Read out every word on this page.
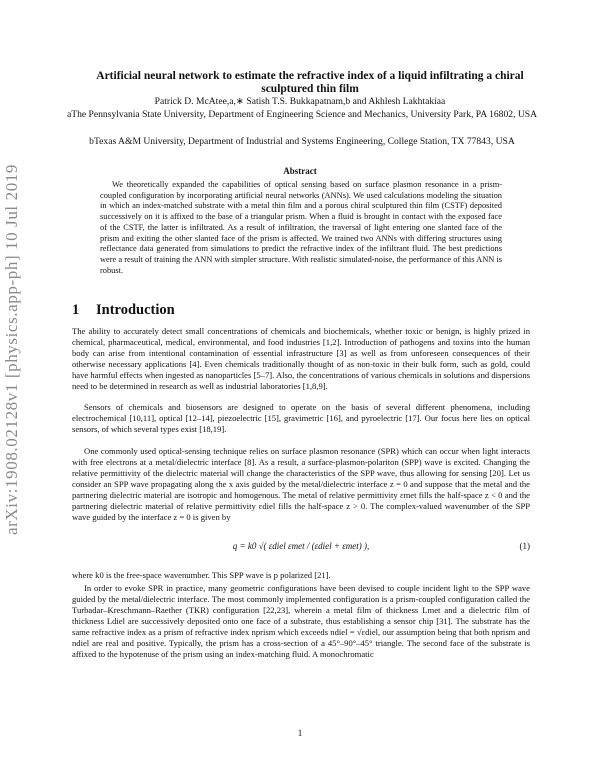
arXiv:1908.02128v1 [physics.app-ph] 10 Jul 2019
Artificial neural network to estimate the refractive index of a liquid infiltrating a chiral sculptured thin film
Patrick D. McAtee,a,∗ Satish T.S. Bukkapatnam,b and Akhlesh Lakhtakiaa
aThe Pennsylvania State University, Department of Engineering Science and Mechanics, University Park, PA 16802, USA
bTexas A&M University, Department of Industrial and Systems Engineering, College Station, TX 77843, USA
Abstract
We theoretically expanded the capabilities of optical sensing based on surface plasmon resonance in a prism-coupled configuration by incorporating artificial neural networks (ANNs). We used calculations modeling the situation in which an index-matched substrate with a metal thin film and a porous chiral sculptured thin film (CSTF) deposited successively on it is affixed to the base of a triangular prism. When a fluid is brought in contact with the exposed face of the CSTF, the latter is infiltrated. As a result of infiltration, the traversal of light entering one slanted face of the prism and exiting the other slanted face of the prism is affected. We trained two ANNs with differing structures using reflectance data generated from simulations to predict the refractive index of the infiltrant fluid. The best predictions were a result of training the ANN with simpler structure. With realistic simulated-noise, the performance of this ANN is robust.
1 Introduction
The ability to accurately detect small concentrations of chemicals and biochemicals, whether toxic or benign, is highly prized in chemical, pharmaceutical, medical, environmental, and food industries [1,2]. Introduction of pathogens and toxins into the human body can arise from intentional contamination of essential infrastructure [3] as well as from unforeseen consequences of their otherwise necessary applications [4]. Even chemicals traditionally thought of as non-toxic in their bulk form, such as gold, could have harmful effects when ingested as nanoparticles [5–7]. Also, the concentrations of various chemicals in solutions and dispersions need to be determined in research as well as industrial laboratories [1,8,9].
Sensors of chemicals and biosensors are designed to operate on the basis of several different phenomena, including electrochemical [10,11], optical [12–14], piezoelectric [15], gravimetric [16], and pyroelectric [17]. Our focus here lies on optical sensors, of which several types exist [18,19].
One commonly used optical-sensing technique relies on surface plasmon resonance (SPR) which can occur when light interacts with free electrons at a metal/dielectric interface [8]. As a result, a surface-plasmon-polariton (SPP) wave is excited. Changing the relative permittivity of the dielectric material will change the characteristics of the SPP wave, thus allowing for sensing [20]. Let us consider an SPP wave propagating along the x axis guided by the metal/dielectric interface z = 0 and suppose that the metal and the partnering dielectric material are isotropic and homogenous. The metal of relative permittivity εmet fills the half-space z < 0 and the partnering dielectric material of relative permittivity εdiel fills the half-space z > 0. The complex-valued wavenumber of the SPP wave guided by the interface z = 0 is given by
q = k0 √( εdiel εmet / (εdiel + εmet) ),	(1)
where k0 is the free-space wavenumber. This SPP wave is p polarized [21].
In order to evoke SPR in practice, many geometric configurations have been devised to couple incident light to the SPP wave guided by the metal/dielectric interface. The most commonly implemented configuration is a prism-coupled configuration called the Turbadar–Kreschmann–Raether (TKR) configuration [22,23], wherein a metal film of thickness Lmet and a dielectric film of thickness Ldiel are successively deposited onto one face of a substrate, thus establishing a sensor chip [31]. The substrate has the same refractive index as a prism of refractive index nprism which exceeds ndiel = √εdiel, our assumption being that both nprism and ndiel are real and positive. Typically, the prism has a cross-section of a 45°–90°–45° triangle. The second face of the substrate is affixed to the hypotenuse of the prism using an index-matching fluid. A monochromatic
1
